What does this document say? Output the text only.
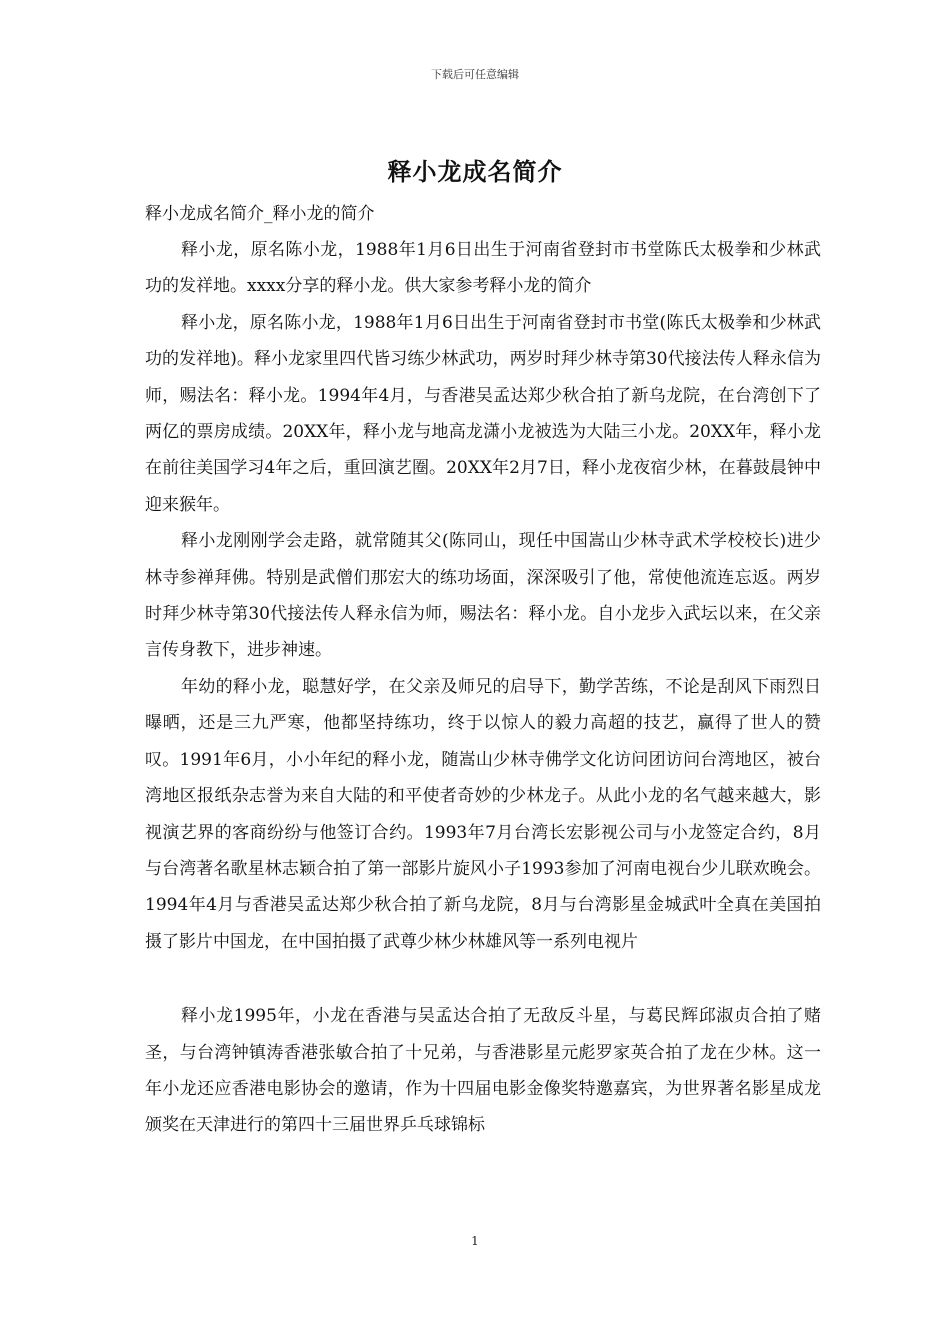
下载后可任意编辑
释小龙成名简介

释小龙成名简介_释小龙的简介

释小龙，原名陈小龙，1988年1月6日出生于河南省登封市书堂陈氏太极拳和少林武功的发祥地。xxxx分享的释小龙。供大家参考释小龙的简介

释小龙，原名陈小龙，1988年1月6日出生于河南省登封市书堂(陈氏太极拳和少林武功的发祥地)。释小龙家里四代皆习练少林武功，两岁时拜少林寺第30代接法传人释永信为师，赐法名：释小龙。1994年4月，与香港吴孟达郑少秋合拍了新乌龙院，在台湾创下了两亿的票房成绩。20XX年，释小龙与地高龙潇小龙被选为大陆三小龙。20XX年，释小龙在前往美国学习4年之后，重回演艺圈。20XX年2月7日，释小龙夜宿少林，在暮鼓晨钟中迎来猴年。

释小龙刚刚学会走路，就常随其父(陈同山，现任中国嵩山少林寺武术学校校长)进少林寺参禅拜佛。特别是武僧们那宏大的练功场面，深深吸引了他，常使他流连忘返。两岁时拜少林寺第30代接法传人释永信为师，赐法名：释小龙。自小龙步入武坛以来，在父亲言传身教下，进步神速。

年幼的释小龙，聪慧好学，在父亲及师兄的启导下，勤学苦练，不论是刮风下雨烈日曝晒，还是三九严寒，他都坚持练功，终于以惊人的毅力高超的技艺，赢得了世人的赞叹。1991年6月，小小年纪的释小龙，随嵩山少林寺佛学文化访问团访问台湾地区，被台湾地区报纸杂志誉为来自大陆的和平使者奇妙的少林龙子。从此小龙的名气越来越大，影视演艺界的客商纷纷与他签订合约。1993年7月台湾长宏影视公司与小龙签定合约，8月与台湾著名歌星林志颖合拍了第一部影片旋风小子1993参加了河南电视台少儿联欢晚会。1994年4月与香港吴孟达郑少秋合拍了新乌龙院，8月与台湾影星金城武叶全真在美国拍摄了影片中国龙，在中国拍摄了武尊少林少林雄风等一系列电视片

释小龙1995年，小龙在香港与吴孟达合拍了无敌反斗星，与葛民辉邱淑贞合拍了赌圣，与台湾钟镇涛香港张敏合拍了十兄弟，与香港影星元彪罗家英合拍了龙在少林。这一年小龙还应香港电影协会的邀请，作为十四届电影金像奖特邀嘉宾，为世界著名影星成龙颁奖在天津进行的第四十三届世界乒乓球锦标

1
